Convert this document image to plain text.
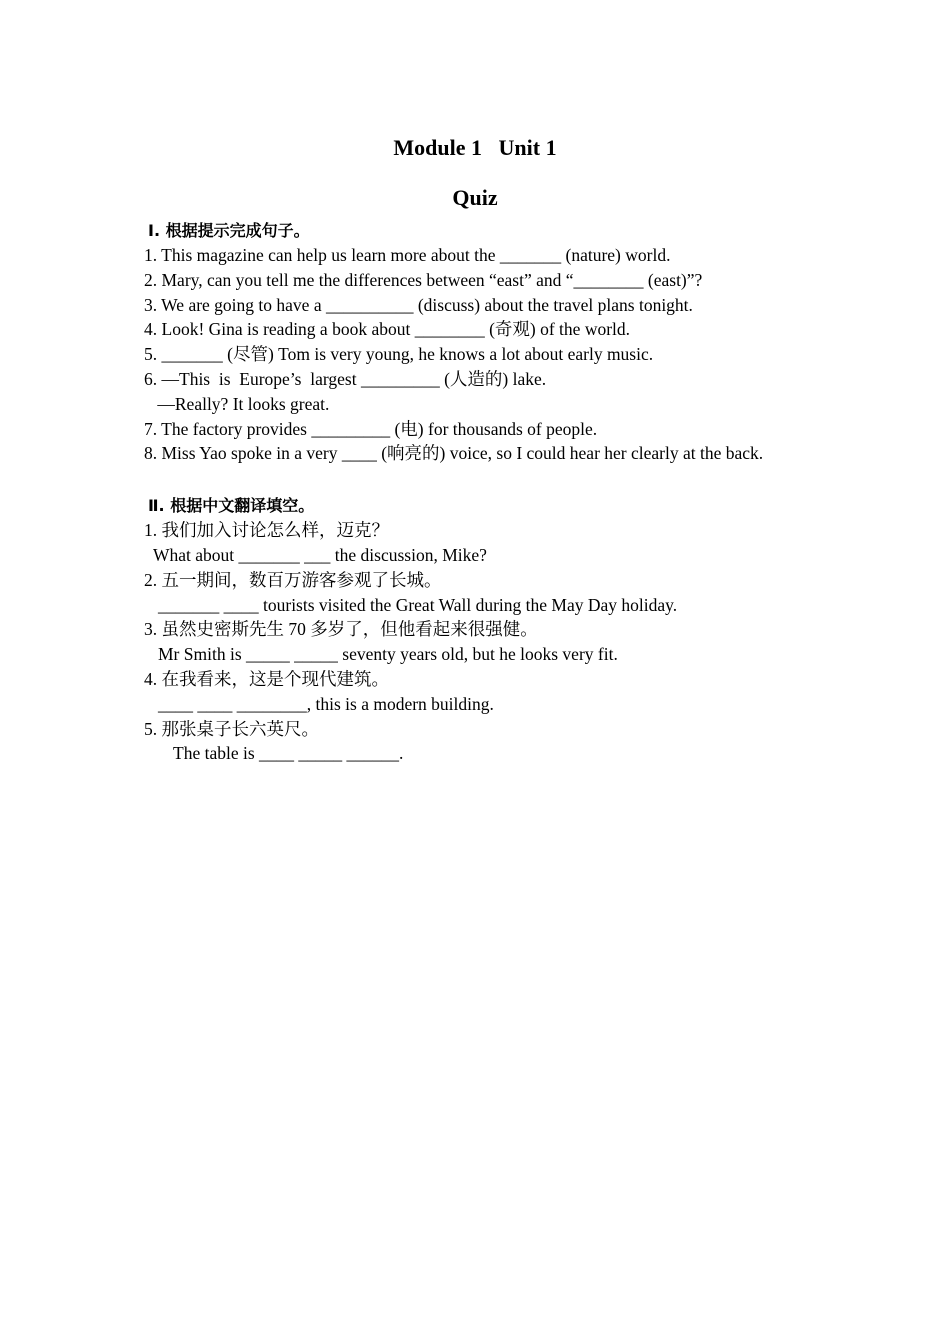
Module 1   Unit 1
Quiz
Ⅰ. 根据提示完成句子。

1. This magazine can help us learn more about the _______ (nature) world.

2. Mary, can you tell me the differences between “east” and “________ (east)”?

3. We are going to have a __________ (discuss) about the travel plans tonight.

4. Look! Gina is reading a book about ________ (奇观) of the world.

5. _______ (尽管) Tom is very young, he knows a lot about early music.

6. —This  is  Europe’s  largest _________ (人造的) lake.

—Really? It looks great.

7. The factory provides _________ (电) for thousands of people.

8. Miss Yao spoke in a very ____ (响亮的) voice, so I could hear her clearly at the back.

Ⅱ. 根据中文翻译填空。

1. 我们加入讨论怎么样，迈克？

What about _______ ___ the discussion, Mike?

2. 五一期间，数百万游客参观了长城。

_______ ____ tourists visited the Great Wall during the May Day holiday.

3. 虽然史密斯先生 70 多岁了，但他看起来很强健。

Mr Smith is _____ _____ seventy years old, but he looks very fit.

4. 在我看来，这是个现代建筑。

____ ____ ________, this is a modern building.

5. 那张桌子长六英尺。

The table is ____ _____ ______.
